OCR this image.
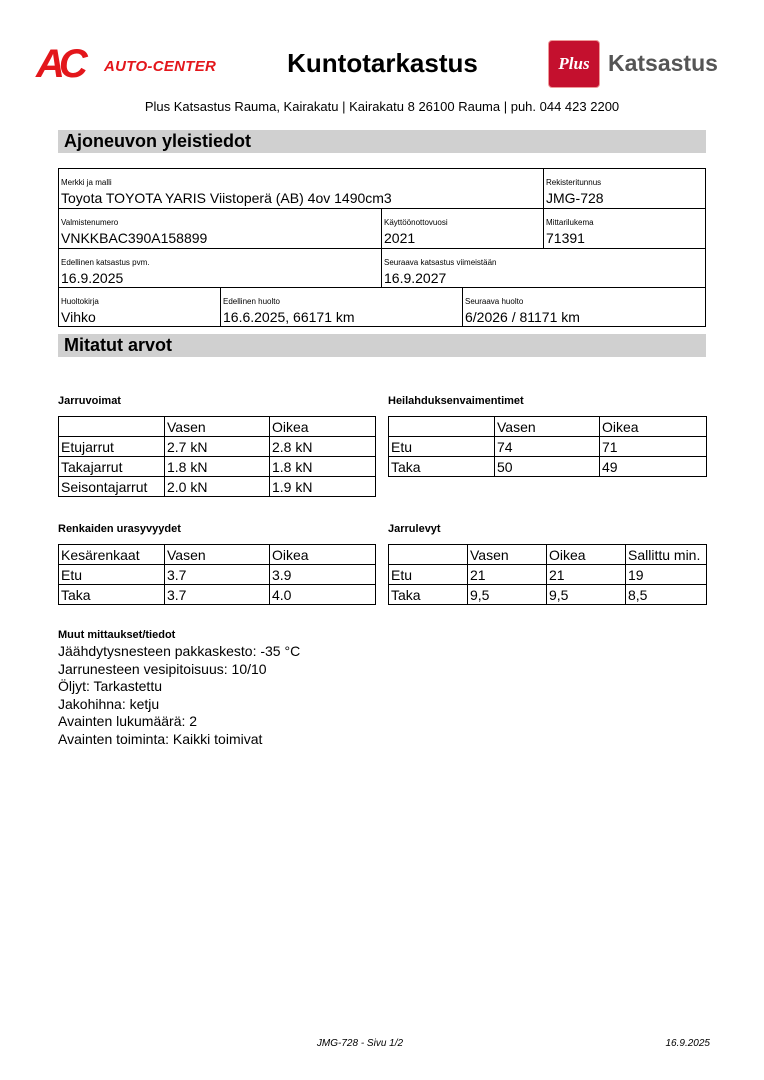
AC AUTO-CENTER	Kuntotarkastus	Plus Katsastus
Plus Katsastus Rauma, Kairakatu | Kairakatu 8 26100 Rauma | puh. 044 423 2200
Ajoneuvon yleistiedot
Merkki ja malli
Toyota TOYOTA YARIS Viistoperä (AB) 4ov 1490cm3
Rekisteritunnus
JMG-728
Valmistenumero
VNKKBAC390A158899
Käyttöönottovuosi
2021
Mittarilukema
71391
Edellinen katsastus pvm.
16.9.2025
Seuraava katsastus viimeistään
16.9.2027
Huoltokirja
Vihko
Edellinen huolto
16.6.2025, 66171 km
Seuraava huolto
6/2026 / 81171 km
Mitatut arvot
Jarruvoimat
	Vasen	Oikea
Etujarrut	2.7 kN	2.8 kN
Takajarrut	1.8 kN	1.8 kN
Seisontajarrut	2.0 kN	1.9 kN
Heilahduksenvaimentimet
	Vasen	Oikea
Etu	74	71
Taka	50	49
Renkaiden urasyvyydet
Kesärenkaat	Vasen	Oikea
Etu	3.7	3.9
Taka	3.7	4.0
Jarrulevyt
	Vasen	Oikea	Sallittu min.
Etu	21	21	19
Taka	9,5	9,5	8,5
Muut mittaukset/tiedot
Jäähdytysnesteen pakkaskesto: -35 °C
Jarrunesteen vesipitoisuus: 10/10
Öljyt: Tarkastettu
Jakohihna: ketju
Avainten lukumäärä: 2
Avainten toiminta: Kaikki toimivat
JMG-728 - Sivu 1/2	16.9.2025
